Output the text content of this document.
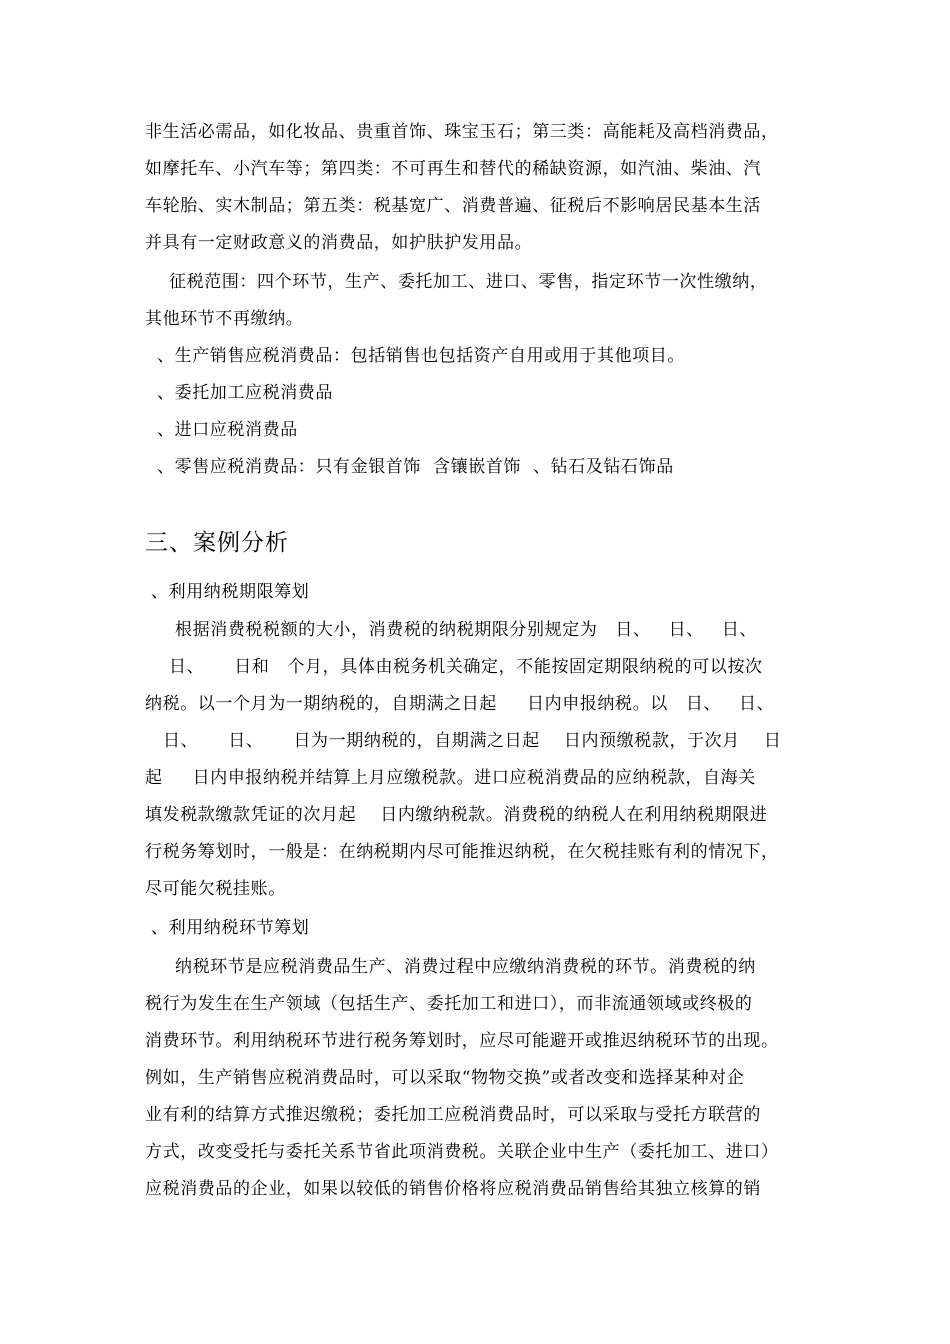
非生活必需品，如化妆品、贵重首饰、珠宝玉石；第三类：高能耗及高档消费品，
如摩托车、小汽车等；第四类：不可再生和替代的稀缺资源，如汽油、柴油、汽
车轮胎、实木制品；第五类：税基宽广、消费普遍、征税后不影响居民基本生活
并具有一定财政意义的消费品，如护肤护发用品。
征税范围：四个环节，生产、委托加工、进口、零售，指定环节一次性缴纳，
其他环节不再缴纳。
、生产销售应税消费品：包括销售也包括资产自用或用于其他项目。
、委托加工应税消费品
、进口应税消费品
、零售应税消费品：只有金银首饰  含镶嵌首饰  、钻石及钻石饰品
三、案例分析
、利用纳税期限筹划
根据消费税税额的大小，消费税的纳税期限分别规定为   日、   日、   日、
日、     日和   个月，具体由税务机关确定，不能按固定期限纳税的可以按次
纳税。以一个月为一期纳税的，自期满之日起     日内申报纳税。以   日、   日、
日、     日、     日为一期纳税的，自期满之日起    日内预缴税款，于次月    日
起     日内申报纳税并结算上月应缴税款。进口应税消费品的应纳税款，自海关
填发税款缴款凭证的次月起    日内缴纳税款。消费税的纳税人在利用纳税期限进
行税务筹划时，一般是：在纳税期内尽可能推迟纳税，在欠税挂账有利的情况下，
尽可能欠税挂账。
、利用纳税环节筹划
纳税环节是应税消费品生产、消费过程中应缴纳消费税的环节。消费税的纳
税行为发生在生产领域（包括生产、委托加工和进口），而非流通领域或终极的
消费环节。利用纳税环节进行税务筹划时，应尽可能避开或推迟纳税环节的出现。
例如，生产销售应税消费品时，可以采取“物物交换”或者改变和选择某种对企
业有利的结算方式推迟缴税；委托加工应税消费品时，可以采取与受托方联营的
方式，改变受托与委托关系节省此项消费税。关联企业中生产（委托加工、进口）
应税消费品的企业，如果以较低的销售价格将应税消费品销售给其独立核算的销
